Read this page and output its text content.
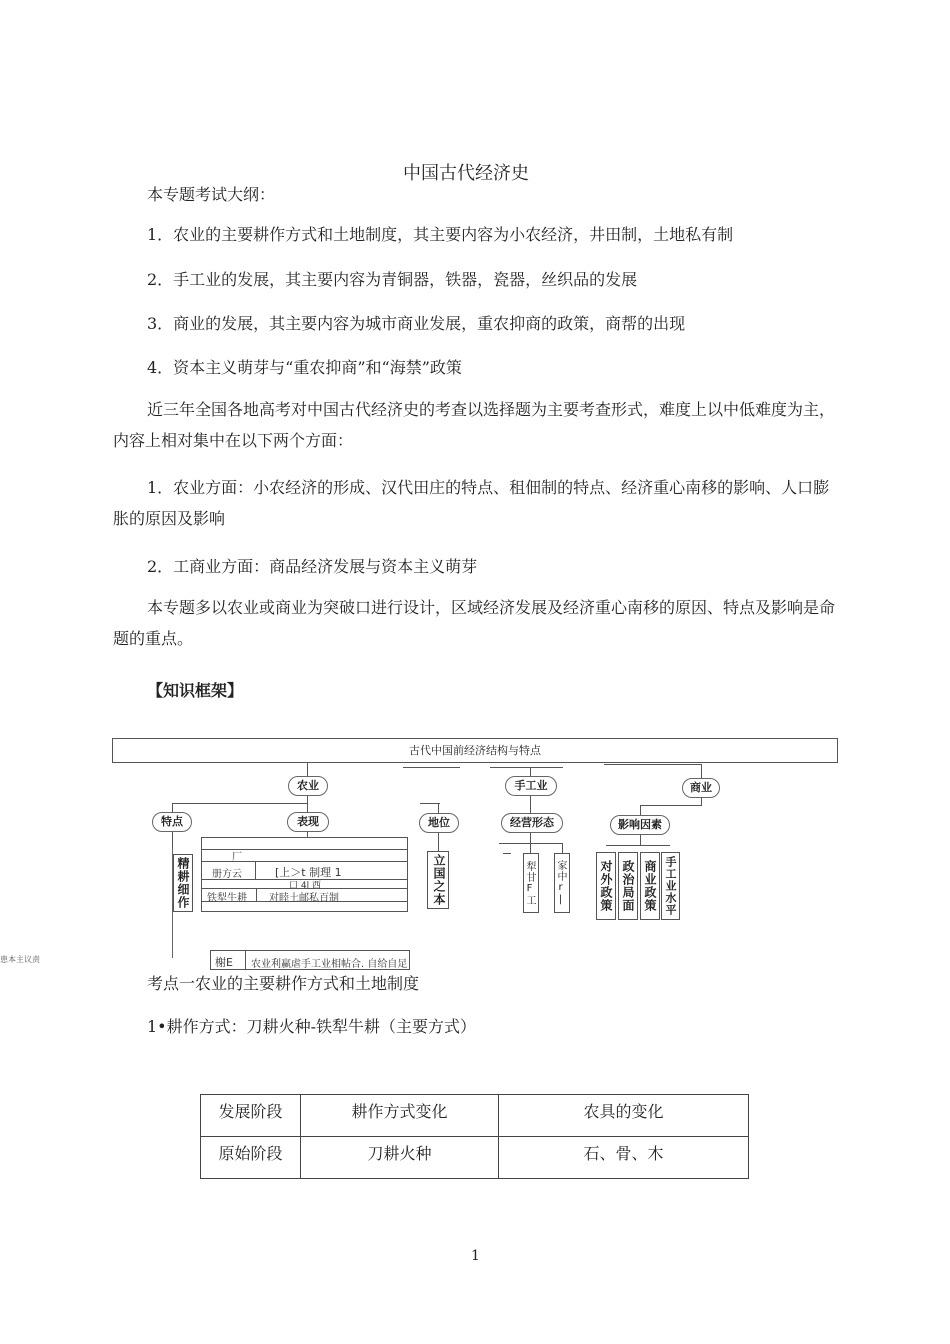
中国古代经济史
本专题考试大纲：
1．农业的主要耕作方式和土地制度，其主要内容为小农经济，井田制，土地私有制
2．手工业的发展，其主要内容为青铜器，铁器，瓷器，丝织品的发展
3．商业的发展，其主要内容为城市商业发展，重农抑商的政策，商帮的出现
4．资本主义萌芽与“重农抑商”和“海禁”政策
近三年全国各地高考对中国古代经济史的考查以选择题为主要考查形式，难度上以中低难度为主，内容上相对集中在以下两个方面：
1．农业方面：小农经济的形成、汉代田庄的特点、租佃制的特点、经济重心南移的影响、人口膨胀的原因及影响
2．工商业方面：商品经济发展与资本主义萌芽
本专题多以农业或商业为突破口进行设计，区域经济发展及经济重心南移的原因、特点及影响是命题的重点。
【知识框架】
古代中国前经济结构与特点
农业
表现
特点
精耕细作	厂
册方云	[上＞t 制理 1
口 4l 西
铁犁牛耕 对睦土邮私百制
地位
立国之本
手工业
经营形态
犁甘F工	家中r|
商业
影响因素
对外政策 政治局面 商业政策 手工业水平
榭E 农业利赢虐手工业相帖合. 自给自足
患本主议责
考点一农业的主要耕作方式和土地制度
1•耕作方式：刀耕火种-铁犁牛耕（主要方式）
发展阶段	耕作方式变化	农具的变化
原始阶段	刀耕火种	石、骨、木
1
